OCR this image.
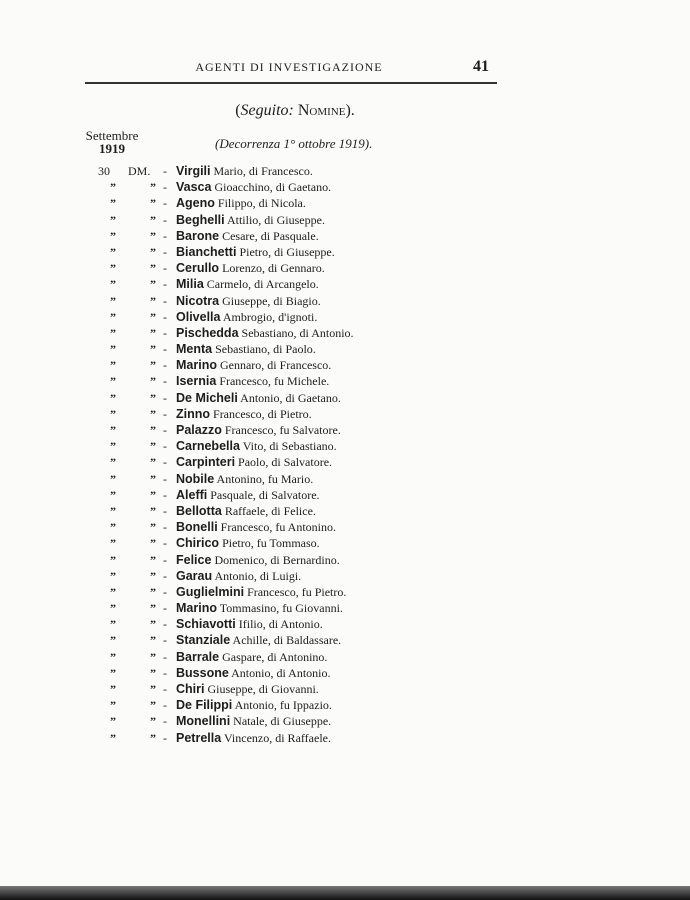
AGENTI DI INVESTIGAZIONE	41
(Seguito: Nomine).
Settembre
1919	(Decorrenza 1° ottobre 1919).
30	DM.	- Virgili Mario, di Francesco.
”	” - Vasca Gioacchino, di Gaetano.
”	” - Ageno Filippo, di Nicola.
”	” - Beghelli Attilio, di Giuseppe.
”	” - Barone Cesare, di Pasquale.
”	” - Bianchetti Pietro, di Giuseppe.
”	” - Cerullo Lorenzo, di Gennaro.
”	” - Milia Carmelo, di Arcangelo.
”	” - Nicotra Giuseppe, di Biagio.
”	” - Olivella Ambrogio, d'ignoti.
”	” - Pischedda Sebastiano, di Antonio.
”	” - Menta Sebastiano, di Paolo.
”	” - Marino Gennaro, di Francesco.
”	” - Isernia Francesco, fu Michele.
”	” - De Micheli Antonio, di Gaetano.
”	” - Zinno Francesco, di Pietro.
”	” - Palazzo Francesco, fu Salvatore.
”	” - Carnebella Vito, di Sebastiano.
”	” - Carpinteri Paolo, di Salvatore.
”	” - Nobile Antonino, fu Mario.
”	” - Aleffi Pasquale, di Salvatore.
”	” - Bellotta Raffaele, di Felice.
”	” - Bonelli Francesco, fu Antonino.
”	” - Chirico Pietro, fu Tommaso.
”	” - Felice Domenico, di Bernardino.
”	” - Garau Antonio, di Luigi.
”	” - Guglielmini Francesco, fu Pietro.
”	” - Marino Tommasino, fu Giovanni.
”	” - Schiavotti Ifilio, di Antonio.
”	” - Stanziale Achille, di Baldassare.
”	” - Barrale Gaspare, di Antonino.
”	” - Bussone Antonio, di Antonio.
”	” - Chiri Giuseppe, di Giovanni.
”	” - De Filippi Antonio, fu Ippazio.
”	” - Monellini Natale, di Giuseppe.
”	” - Petrella Vincenzo, di Raffaele.
